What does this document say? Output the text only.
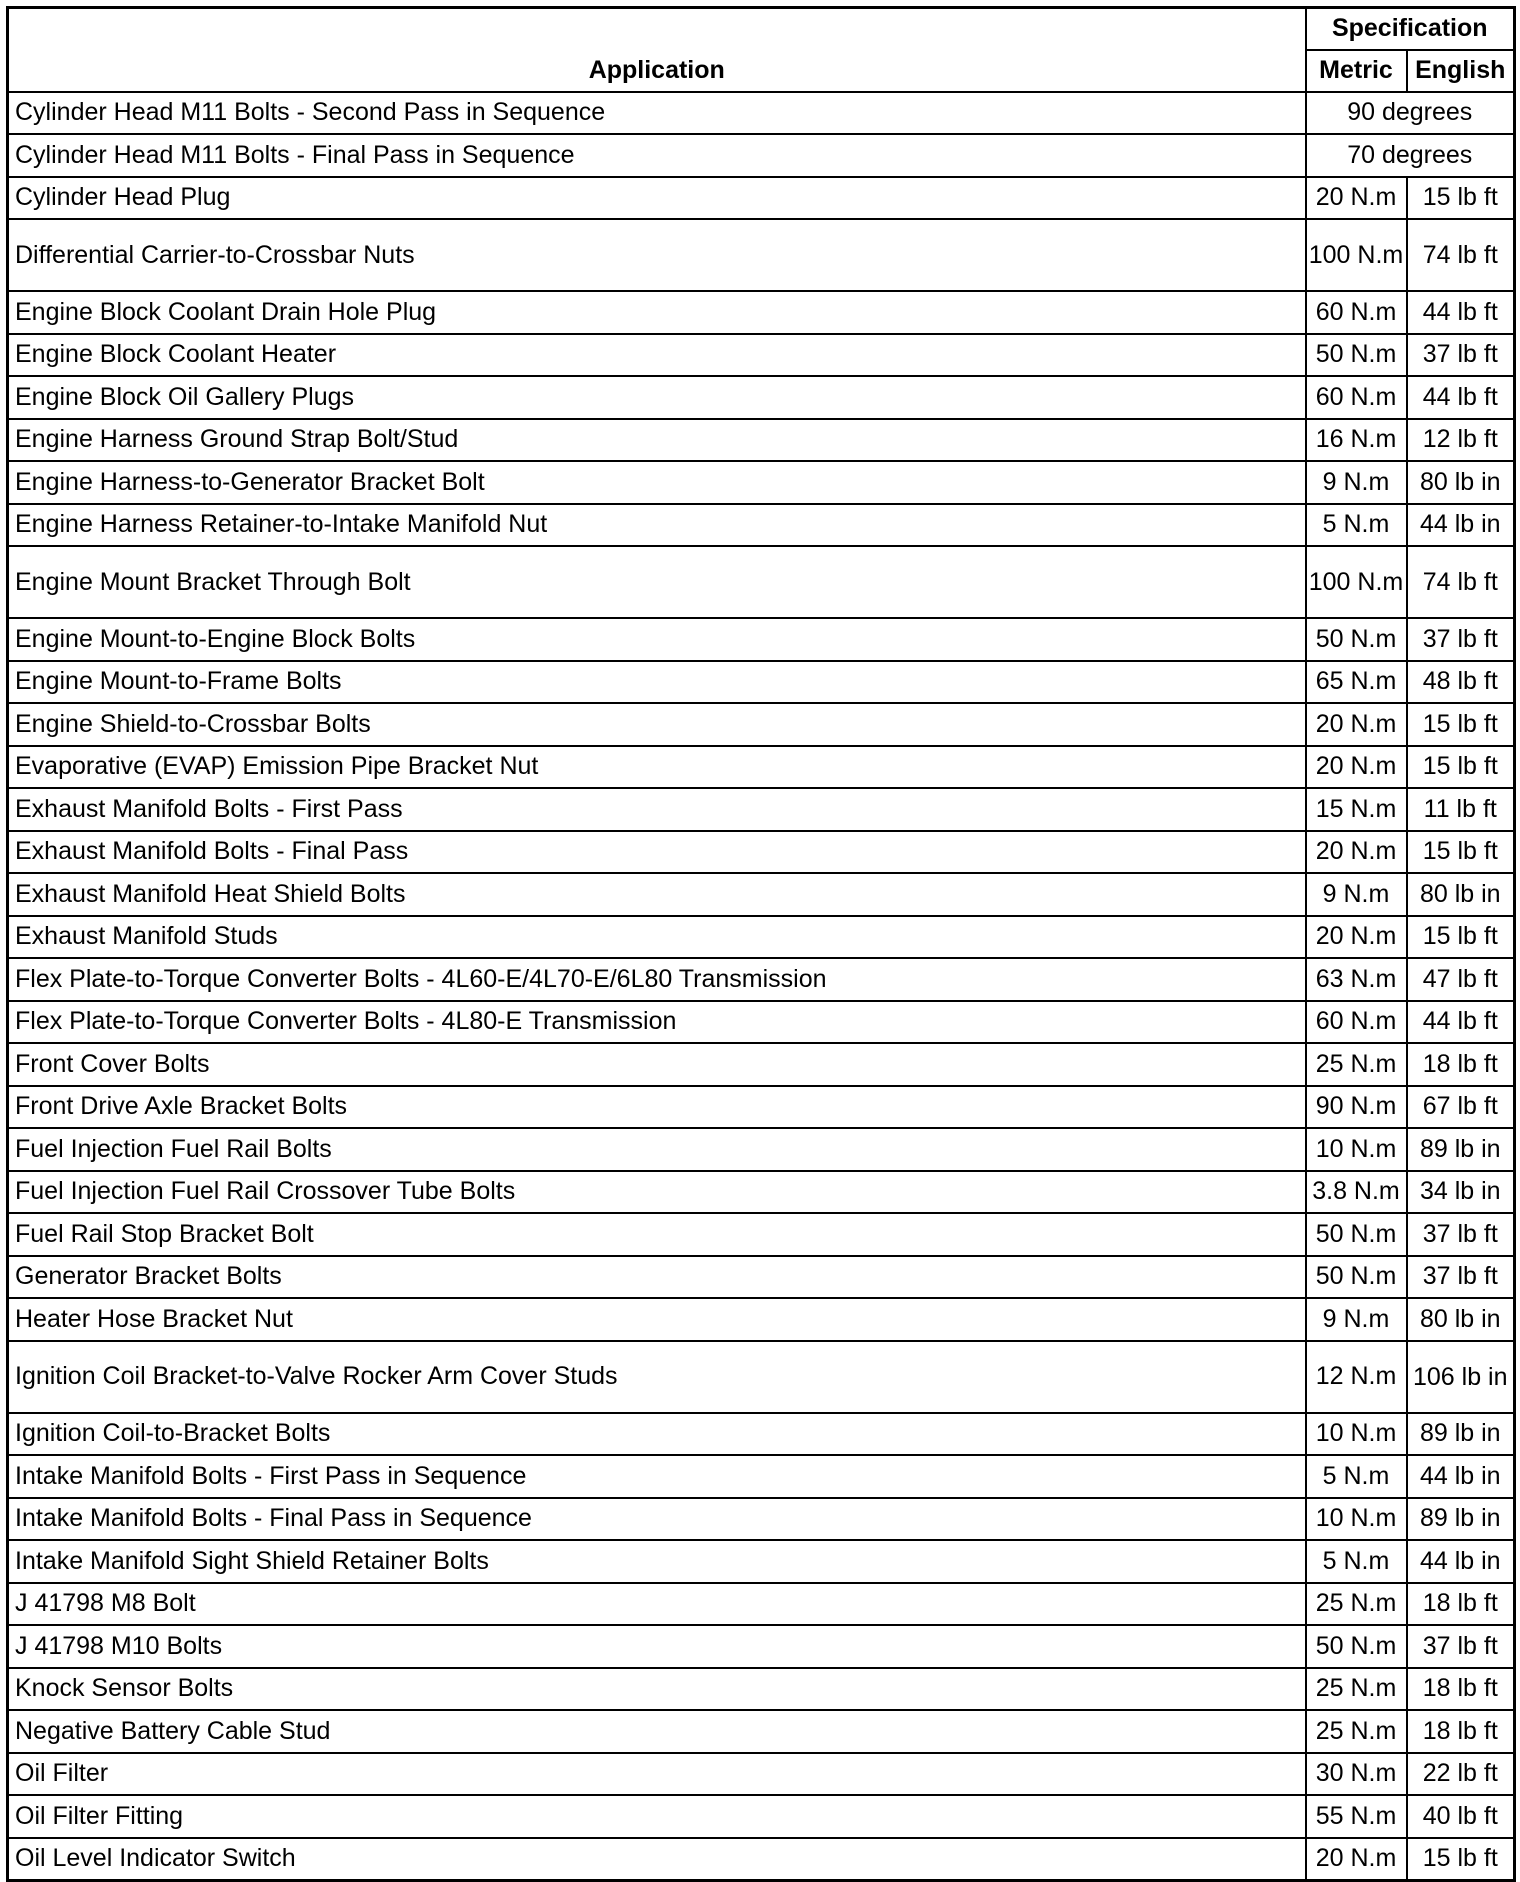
Application	Specification	
	Metric	English
Cylinder Head M11 Bolts - Second Pass in Sequence	90 degrees	
Cylinder Head M11 Bolts - Final Pass in Sequence	70 degrees	
Cylinder Head Plug	20 N.m	15 lb ft
Differential Carrier-to-Crossbar Nuts	100 N.m	74 lb ft
Engine Block Coolant Drain Hole Plug	60 N.m	44 lb ft
Engine Block Coolant Heater	50 N.m	37 lb ft
Engine Block Oil Gallery Plugs	60 N.m	44 lb ft
Engine Harness Ground Strap Bolt/Stud	16 N.m	12 lb ft
Engine Harness-to-Generator Bracket Bolt	9 N.m	80 lb in
Engine Harness Retainer-to-Intake Manifold Nut	5 N.m	44 lb in
Engine Mount Bracket Through Bolt	100 N.m	74 lb ft
Engine Mount-to-Engine Block Bolts	50 N.m	37 lb ft
Engine Mount-to-Frame Bolts	65 N.m	48 lb ft
Engine Shield-to-Crossbar Bolts	20 N.m	15 lb ft
Evaporative (EVAP) Emission Pipe Bracket Nut	20 N.m	15 lb ft
Exhaust Manifold Bolts - First Pass	15 N.m	11 lb ft
Exhaust Manifold Bolts - Final Pass	20 N.m	15 lb ft
Exhaust Manifold Heat Shield Bolts	9 N.m	80 lb in
Exhaust Manifold Studs	20 N.m	15 lb ft
Flex Plate-to-Torque Converter Bolts - 4L60-E/4L70-E/6L80 Transmission	63 N.m	47 lb ft
Flex Plate-to-Torque Converter Bolts - 4L80-E Transmission	60 N.m	44 lb ft
Front Cover Bolts	25 N.m	18 lb ft
Front Drive Axle Bracket Bolts	90 N.m	67 lb ft
Fuel Injection Fuel Rail Bolts	10 N.m	89 lb in
Fuel Injection Fuel Rail Crossover Tube Bolts	3.8 N.m	34 lb in
Fuel Rail Stop Bracket Bolt	50 N.m	37 lb ft
Generator Bracket Bolts	50 N.m	37 lb ft
Heater Hose Bracket Nut	9 N.m	80 lb in
Ignition Coil Bracket-to-Valve Rocker Arm Cover Studs	12 N.m	106 lb in
Ignition Coil-to-Bracket Bolts	10 N.m	89 lb in
Intake Manifold Bolts - First Pass in Sequence	5 N.m	44 lb in
Intake Manifold Bolts - Final Pass in Sequence	10 N.m	89 lb in
Intake Manifold Sight Shield Retainer Bolts	5 N.m	44 lb in
J 41798 M8 Bolt	25 N.m	18 lb ft
J 41798 M10 Bolts	50 N.m	37 lb ft
Knock Sensor Bolts	25 N.m	18 lb ft
Negative Battery Cable Stud	25 N.m	18 lb ft
Oil Filter	30 N.m	22 lb ft
Oil Filter Fitting	55 N.m	40 lb ft
Oil Level Indicator Switch	20 N.m	15 lb ft
